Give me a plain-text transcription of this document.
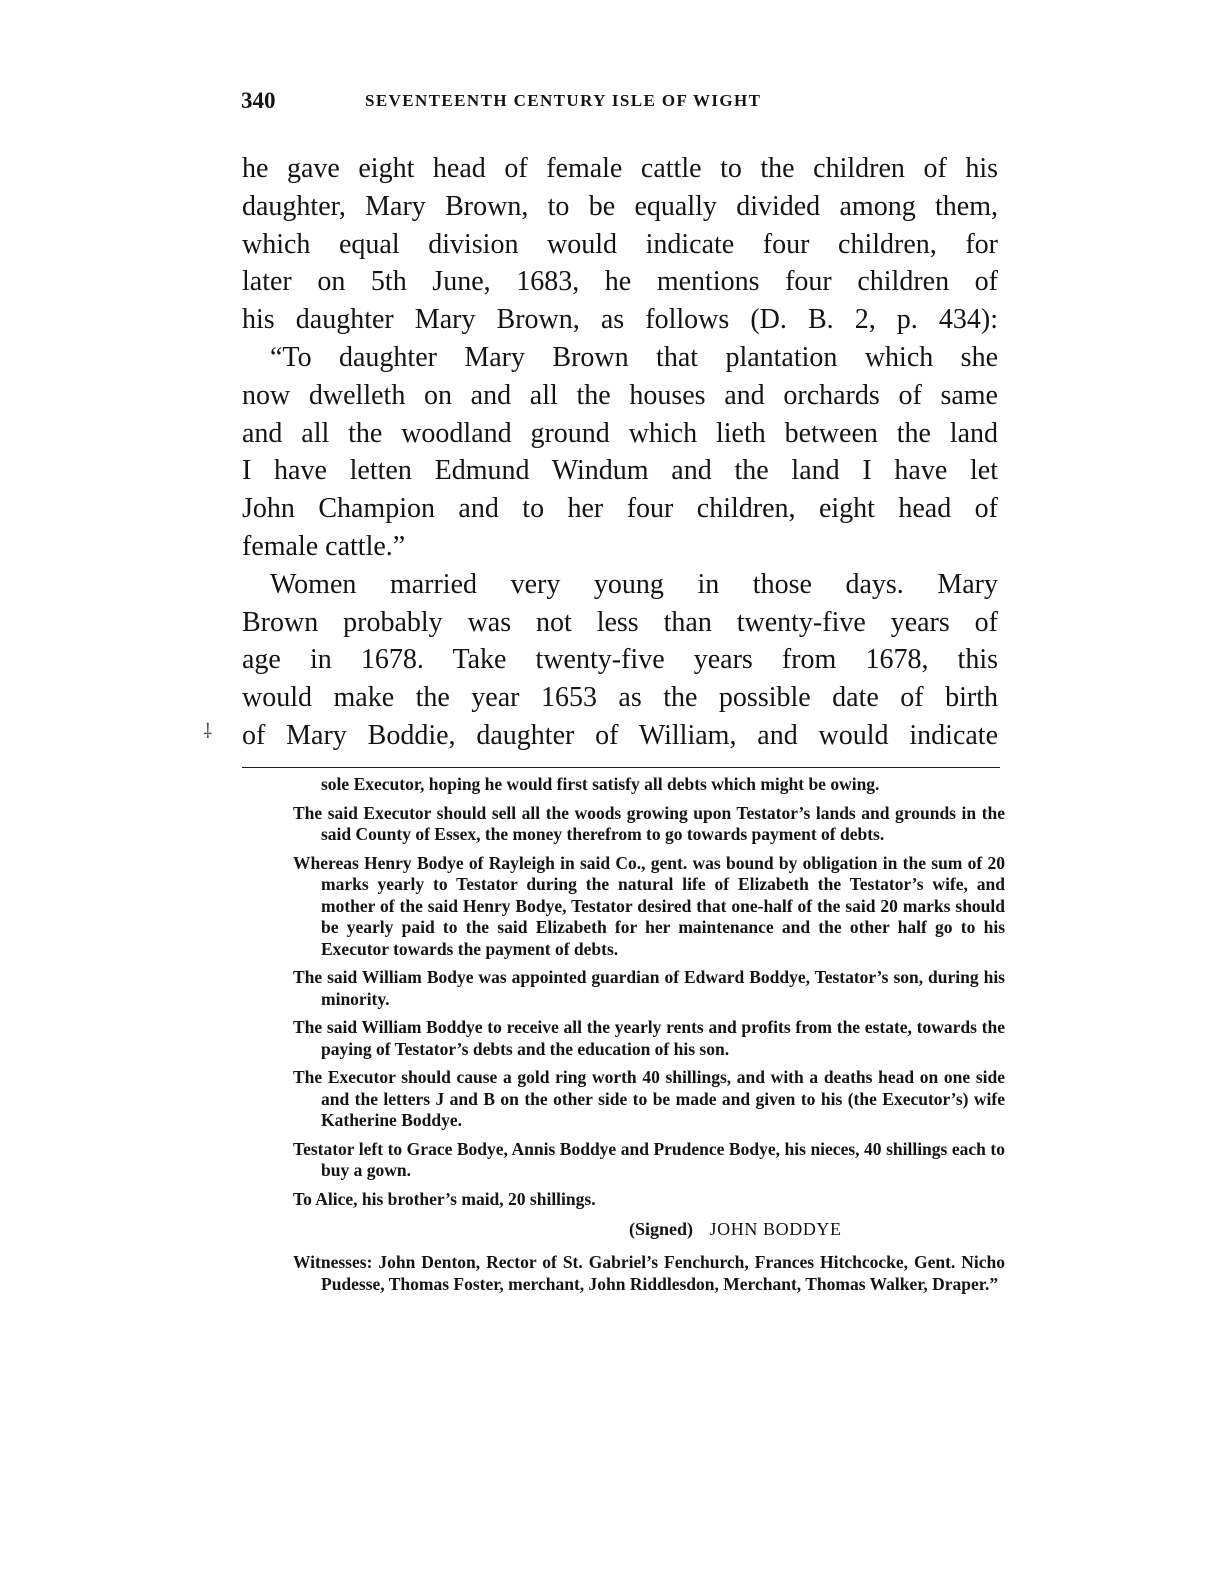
340	SEVENTEENTH CENTURY ISLE OF WIGHT
he gave eight head of female cattle to the children of his
daughter, Mary Brown, to be equally divided among them,
which equal division would indicate four children, for
later on 5th June, 1683, he mentions four children of
his daughter Mary Brown, as follows (D. B. 2, p. 434):
“To daughter Mary Brown that plantation which she
now dwelleth on and all the houses and orchards of same
and all the woodland ground which lieth between the land
I have letten Edmund Windum and the land I have let
John Champion and to her four children, eight head of
female cattle.”
Women married very young in those days. Mary
Brown probably was not less than twenty-five years of
age in 1678. Take twenty-five years from 1678, this
would make the year 1653 as the possible date of birth
of Mary Boddie, daughter of William, and would indicate
⸸
sole Executor, hoping he would first satisfy all debts which might be owing.
The said Executor should sell all the woods growing upon Testator’s lands and grounds in the said County of Essex, the money therefrom to go towards payment of debts.
Whereas Henry Bodye of Rayleigh in said Co., gent. was bound by obligation in the sum of 20 marks yearly to Testator during the natural life of Elizabeth the Testator’s wife, and mother of the said Henry Bodye, Testator desired that one-half of the said 20 marks should be yearly paid to the said Elizabeth for her maintenance and the other half go to his Executor towards the payment of debts.
The said William Bodye was appointed guardian of Edward Boddye, Testator’s son, during his minority.
The said William Boddye to receive all the yearly rents and profits from the estate, towards the paying of Testator’s debts and the education of his son.
The Executor should cause a gold ring worth 40 shillings, and with a deaths head on one side and the letters J and B on the other side to be made and given to his (the Executor’s) wife Katherine Boddye.
Testator left to Grace Bodye, Annis Boddye and Prudence Bodye, his nieces, 40 shillings each to buy a gown.
To Alice, his brother’s maid, 20 shillings.
(Signed) JOHN BODDYE
Witnesses: John Denton, Rector of St. Gabriel’s Fenchurch, Frances Hitchcocke, Gent. Nicho Pudesse, Thomas Foster, merchant, John Riddlesdon, Merchant, Thomas Walker, Draper.”
